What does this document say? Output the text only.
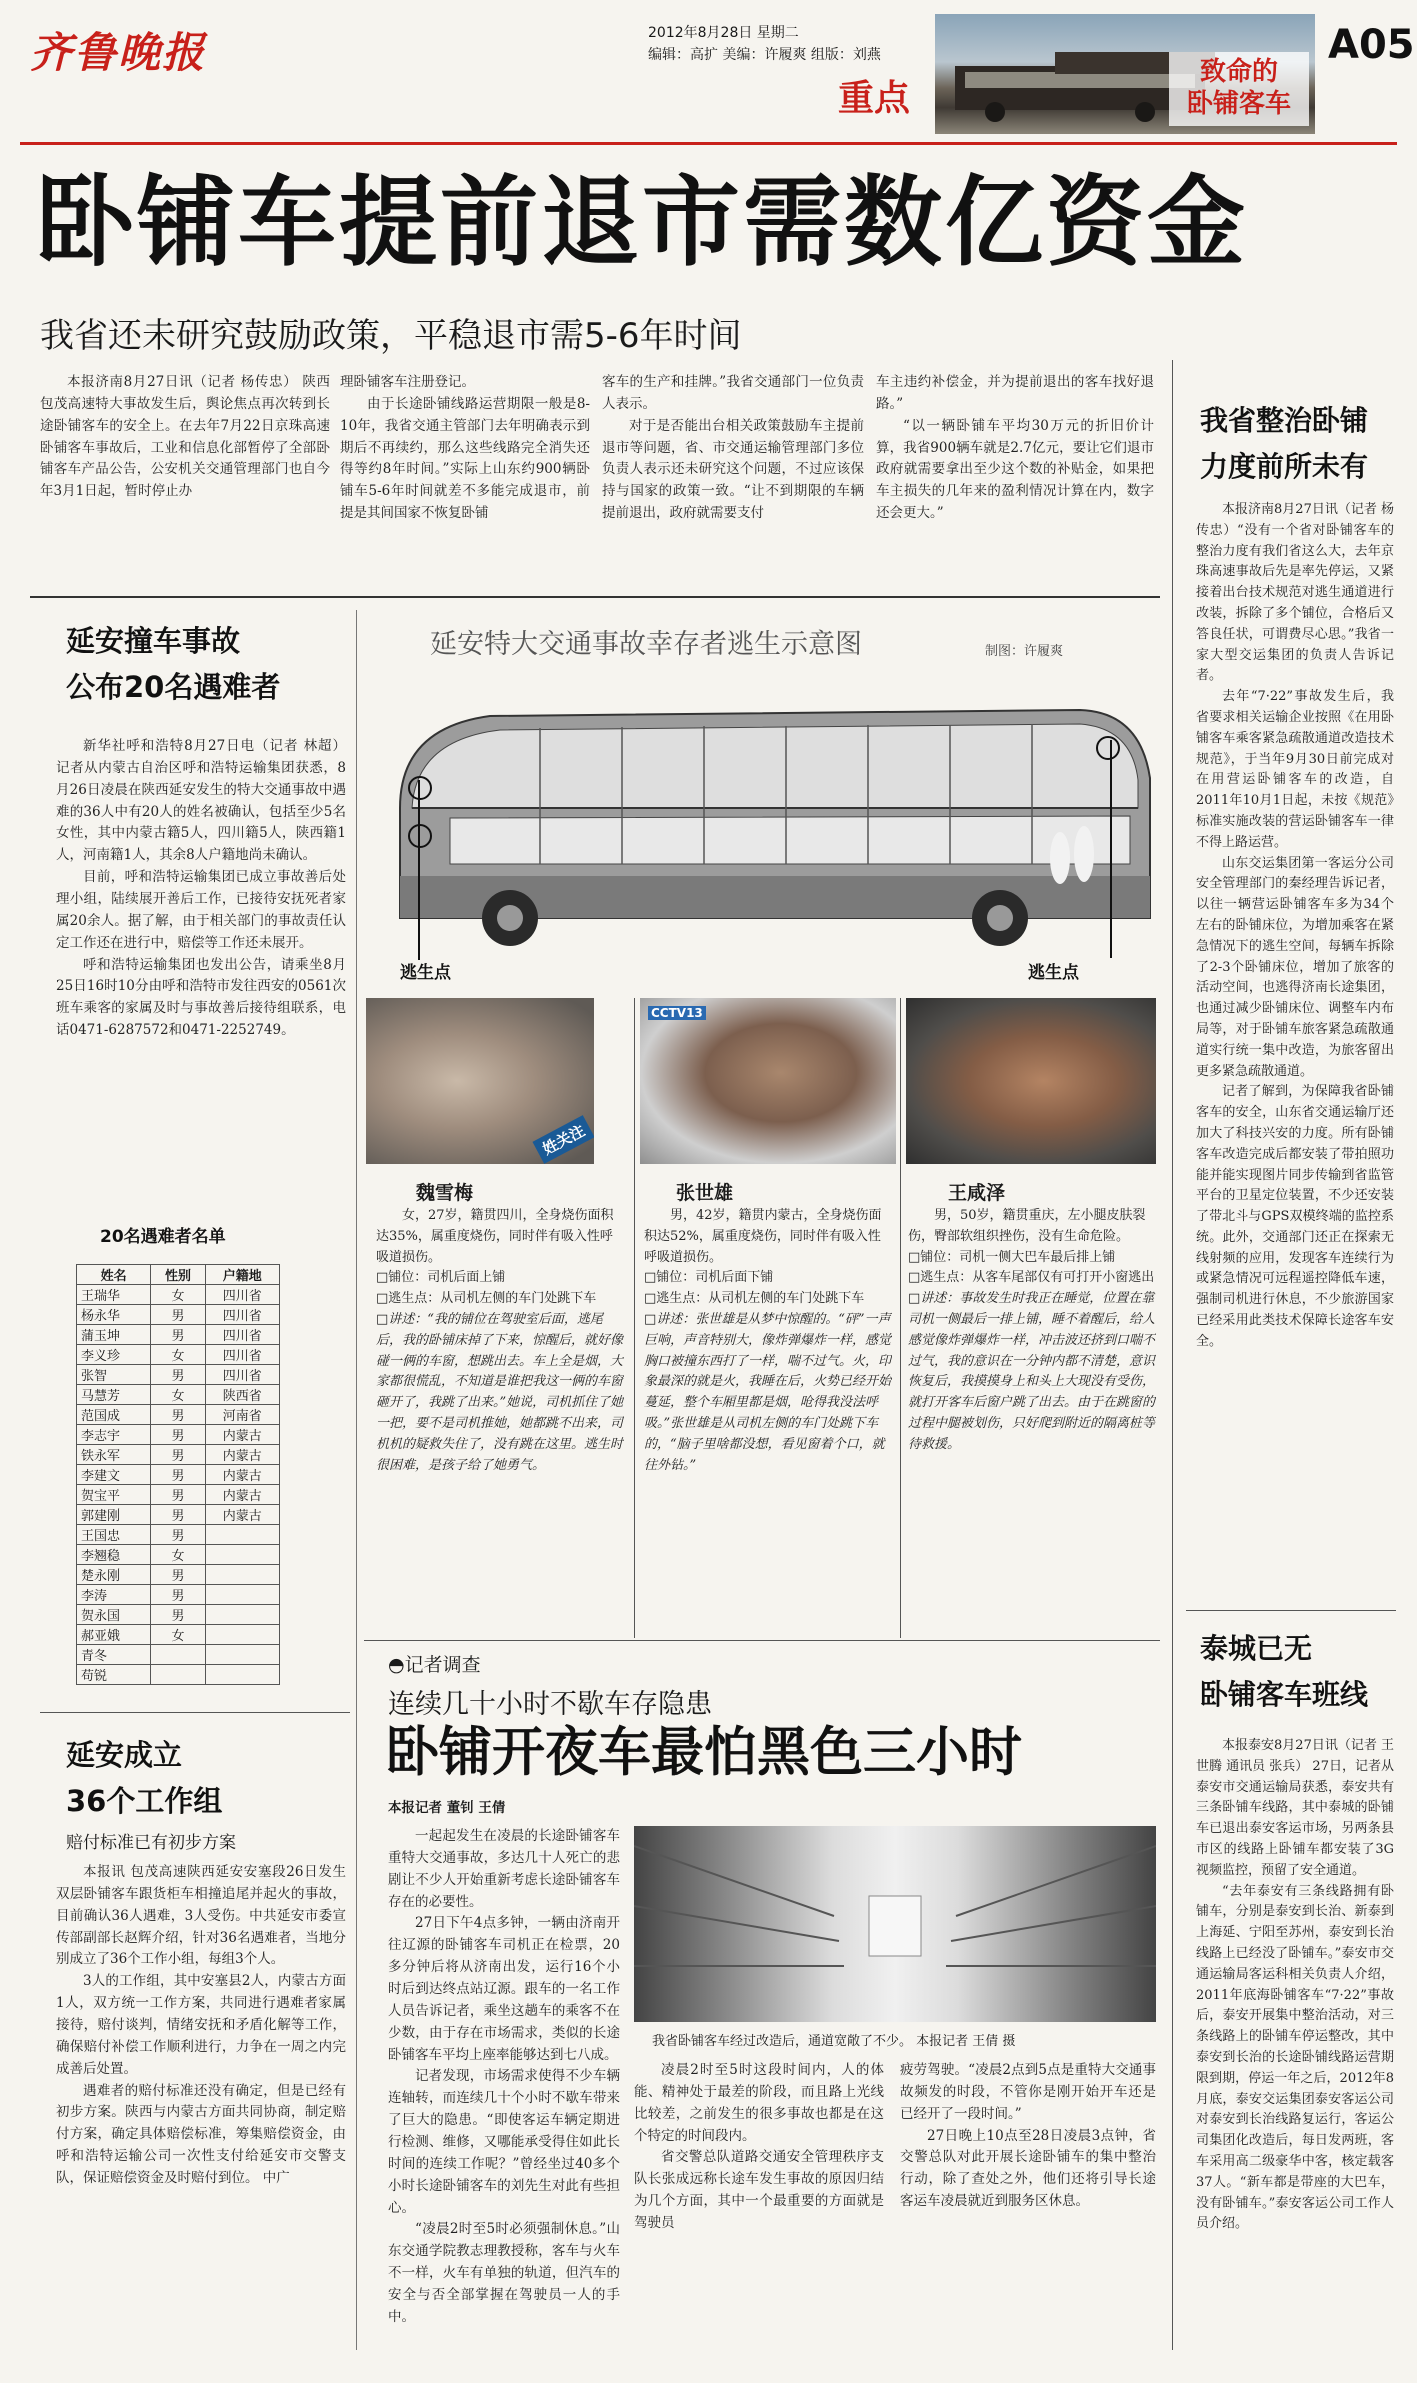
齐鲁晚报	2012年8月28日 星期二
编辑：高扩 美编：许履爽 组版：刘燕
重点
致命的
卧铺客车
A05
卧铺车提前退市需数亿资金
我省还未研究鼓励政策，平稳退市需5-6年时间
本报济南8月27日讯（记者 杨传忠） 陕西包茂高速特大事故发生后，舆论焦点再次转到长途卧铺客车的安全上。在去年7月22日京珠高速卧铺客车事故后，工业和信息化部暂停了全部卧铺客车产品公告，公安机关交通管理部门也自今年3月1日起，暂时停止办
理卧铺客车注册登记。
由于长途卧铺线路运营期限一般是8-10年，我省交通主管部门去年明确表示到期后不再续约，那么这些线路完全消失还得等约8年时间。”实际上山东约900辆卧铺车5-6年时间就差不多能完成退市，前提是其间国家不恢复卧铺
客车的生产和挂牌。”我省交通部门一位负责人表示。
对于是否能出台相关政策鼓励车主提前退市等问题，省、市交通运输管理部门多位负责人表示还未研究这个问题，不过应该保持与国家的政策一致。“让不到期限的车辆提前退出，政府就需要支付
车主违约补偿金，并为提前退出的客车找好退路。”
“以一辆卧铺车平均30万元的折旧价计算，我省900辆车就是2.7亿元，要让它们退市政府就需要拿出至少这个数的补贴金，如果把车主损失的几年来的盈利情况计算在内，数字还会更大。”
延安撞车事故
公布20名遇难者
新华社呼和浩特8月27日电（记者 林超） 记者从内蒙古自治区呼和浩特运输集团获悉，8月26日凌晨在陕西延安发生的特大交通事故中遇难的36人中有20人的姓名被确认，包括至少5名女性，其中内蒙古籍5人，四川籍5人，陕西籍1人，河南籍1人，其余8人户籍地尚未确认。
目前，呼和浩特运输集团已成立事故善后处理小组，陆续展开善后工作，已接待安抚死者家属20余人。据了解，由于相关部门的事故责任认定工作还在进行中，赔偿等工作还未展开。
呼和浩特运输集团也发出公告，请乘坐8月25日16时10分由呼和浩特市发往西安的0561次班车乘客的家属及时与事故善后接待组联系，电话0471-6287572和0471-2252749。
20名遇难者名单
姓名	性别	户籍地
王瑞华	女	四川省
杨永华	男	四川省
蒲玉坤	男	四川省
李义珍	女	四川省
张智	男	四川省
马慧芳	女	陕西省
范国成	男	河南省
李志宇	男	内蒙古
铁永军	男	内蒙古
李建文	男	内蒙古
贺宝平	男	内蒙古
郭建刚	男	内蒙古
王国忠	男	
李翘稳	女	
楚永刚	男	
李涛	男	
贺永国	男	
郝亚娥	女	
青冬		
苟锐		
延安成立
36个工作组
赔付标准已有初步方案
本报讯 包茂高速陕西延安安塞段26日发生双层卧铺客车跟货柜车相撞追尾并起火的事故，目前确认36人遇难，3人受伤。中共延安市委宣传部副部长赵辉介绍，针对36名遇难者，当地分别成立了36个工作小组，每组3个人。
3人的工作组，其中安塞县2人，内蒙古方面1人，双方统一工作方案，共同进行遇难者家属接待，赔付谈判，情绪安抚和矛盾化解等工作，确保赔付补偿工作顺利进行，力争在一周之内完成善后处置。
遇难者的赔付标准还没有确定，但是已经有初步方案。陕西与内蒙古方面共同协商，制定赔付方案，确定具体赔偿标准，筹集赔偿资金，由呼和浩特运输公司一次性支付给延安市交警支队，保证赔偿资金及时赔付到位。 中广
延安特大交通事故幸存者逃生示意图	制图：许履爽
逃生点	逃生点
姓关注
CCTV13
魏雪梅
女，27岁，籍贯四川，全身烧伤面积达35%，属重度烧伤，同时伴有吸入性呼吸道损伤。
□铺位：司机后面上铺
□逃生点：从司机左侧的车门处跳下车
□讲述：“我的铺位在驾驶室后面，逃尾后，我的卧铺床掉了下来，惊醒后，就好像碰一俩的车窗，想跳出去。车上全是烟，大家都很慌乱，不知道是谁把我这一俩的车窗砸开了，我跳了出来。”她说，司机抓住了她一把，要不是司机推她，她都跳不出来，司机机的疑救失住了，没有跳在这里。逃生时很困难，是孩子给了她勇气。
张世雄
男，42岁，籍贯内蒙古，全身烧伤面积达52%，属重度烧伤，同时伴有吸入性呼吸道损伤。
□铺位：司机后面下铺
□逃生点：从司机左侧的车门处跳下车
□讲述：张世雄是从梦中惊醒的。“砰”一声巨响，声音特别大，像炸弹爆炸一样，感觉胸口被撞东西打了一样，喘不过气。火，印象最深的就是火，我睡在后，火势已经开始蔓延，整个车厢里都是烟，呛得我没法呼吸。”张世雄是从司机左侧的车门处跳下车的，“脑子里啥都没想，看见窗着个口，就往外钻。”
王咸泽
男，50岁，籍贯重庆，左小腿皮肤裂伤，臀部软组织挫伤，没有生命危险。
□铺位：司机一侧大巴车最后排上铺
□逃生点：从客车尾部仅有可打开小窗逃出
□讲述：事故发生时我正在睡觉，位置在靠司机一侧最后一排上铺，睡不着醒后，给人感觉像炸弹爆炸一样，冲击波还挤到口喘不过气，我的意识在一分钟内都不清楚，意识恢复后，我摸摸身上和头上大现没有受伤，就打开客车后窗户跳了出去。由于在跳窗的过程中腿被划伤，只好爬到附近的隔离桩等待救援。
◓记者调查
连续几十小时不歇车存隐患
卧铺开夜车最怕黑色三小时
本报记者 董钊 王倩
一起起发生在凌晨的长途卧铺客车重特大交通事故，多达几十人死亡的悲剧让不少人开始重新考虑长途卧铺客车存在的必要性。
27日下午4点多钟，一辆由济南开往辽源的卧铺客车司机正在检票，20多分钟后将从济南出发，运行16个小时后到达终点站辽源。跟车的一名工作人员告诉记者，乘坐这趟车的乘客不在少数，由于存在市场需求，类似的长途卧铺客车平均上座率能够达到七八成。
记者发现，市场需求使得不少车辆连轴转，而连续几十个小时不歇车带来了巨大的隐患。“即使客运车辆定期进行检测、维修，又哪能承受得住如此长时间的连续工作呢？”曾经坐过40多个小时长途卧铺客车的刘先生对此有些担心。
“凌晨2时至5时必须强制休息。”山东交通学院教志理教授称，客车与火车不一样，火车有单独的轨道，但汽车的安全与否全部掌握在驾驶员一人的手中。
我省卧铺客车经过改造后，通道宽敞了不少。 本报记者 王倩 摄
凌晨2时至5时这段时间内，人的体能、精神处于最差的阶段，而且路上光线比较差，之前发生的很多事故也都是在这个特定的时间段内。
省交警总队道路交通安全管理秩序支队长张成远称长途车发生事故的原因归结为几个方面，其中一个最重要的方面就是驾驶员
疲劳驾驶。“凌晨2点到5点是重特大交通事故频发的时段，不管你是刚开始开车还是已经开了一段时间。”
27日晚上10点至28日凌晨3点钟，省交警总队对此开展长途卧铺车的集中整治行动，除了查处之外，他们还将引导长途客运车凌晨就近到服务区休息。
我省整治卧铺
力度前所未有
本报济南8月27日讯（记者 杨传忠）“没有一个省对卧铺客车的整治力度有我们省这么大，去年京珠高速事故后先是率先停运，又紧接着出台技术规范对逃生通道进行改装，拆除了多个铺位，合格后又答良任状，可谓费尽心思。”我省一家大型交运集团的负责人告诉记者。
去年“7·22”事故发生后，我省要求相关运输企业按照《在用卧铺客车乘客紧急疏散通道改造技术规范》，于当年9月30日前完成对在用营运卧铺客车的改造，自2011年10月1日起，未按《规范》标准实施改装的营运卧铺客车一律不得上路运营。
山东交运集团第一客运分公司安全管理部门的秦经理告诉记者，以往一辆营运卧铺客车多为34个左右的卧铺床位，为增加乘客在紧急情况下的逃生空间，每辆车拆除了2-3个卧铺床位，增加了旅客的活动空间，也逃得济南长途集团，也通过减少卧铺床位、调整车内布局等，对于卧铺车旅客紧急疏散通道实行统一集中改造，为旅客留出更多紧急疏散通道。
记者了解到，为保障我省卧铺客车的安全，山东省交通运输厅还加大了科技兴安的力度。所有卧铺客车改造完成后都安装了带拍照功能并能实现图片同步传输到省监管平台的卫星定位装置，不少还安装了带北斗与GPS双模终端的监控系统。此外，交通部门还正在探索无线射频的应用，发现客车连续行为或紧急情况可远程遥控降低车速，强制司机进行休息，不少旅游国家已经采用此类技术保障长途客车安全。
泰城已无
卧铺客车班线
本报泰安8月27日讯（记者 王世腾 通讯员 张兵） 27日，记者从泰安市交通运输局获悉，泰安共有三条卧铺车线路，其中泰城的卧铺车已退出泰安客运市场，另两条县市区的线路上卧铺车都安装了3G视频监控，预留了安全通道。
“去年泰安有三条线路拥有卧铺车，分别是泰安到长治、新泰到上海延、宁阳至苏州，泰安到长治线路上已经没了卧铺车。”泰安市交通运输局客运科相关负责人介绍，2011年底海卧铺客车“7·22”事故后，泰安开展集中整治活动，对三条线路上的卧铺车停运整改，其中泰安到长治的长途卧铺线路运营期限到期，停运一年之后，2012年8月底，泰安交运集团泰安客运公司对泰安到长治线路复运行，客运公司集团化改造后，每日发两班，客车采用高二级豪华中客，核定载客37人。“新车都是带座的大巴车，没有卧铺车。”泰安客运公司工作人员介绍。
